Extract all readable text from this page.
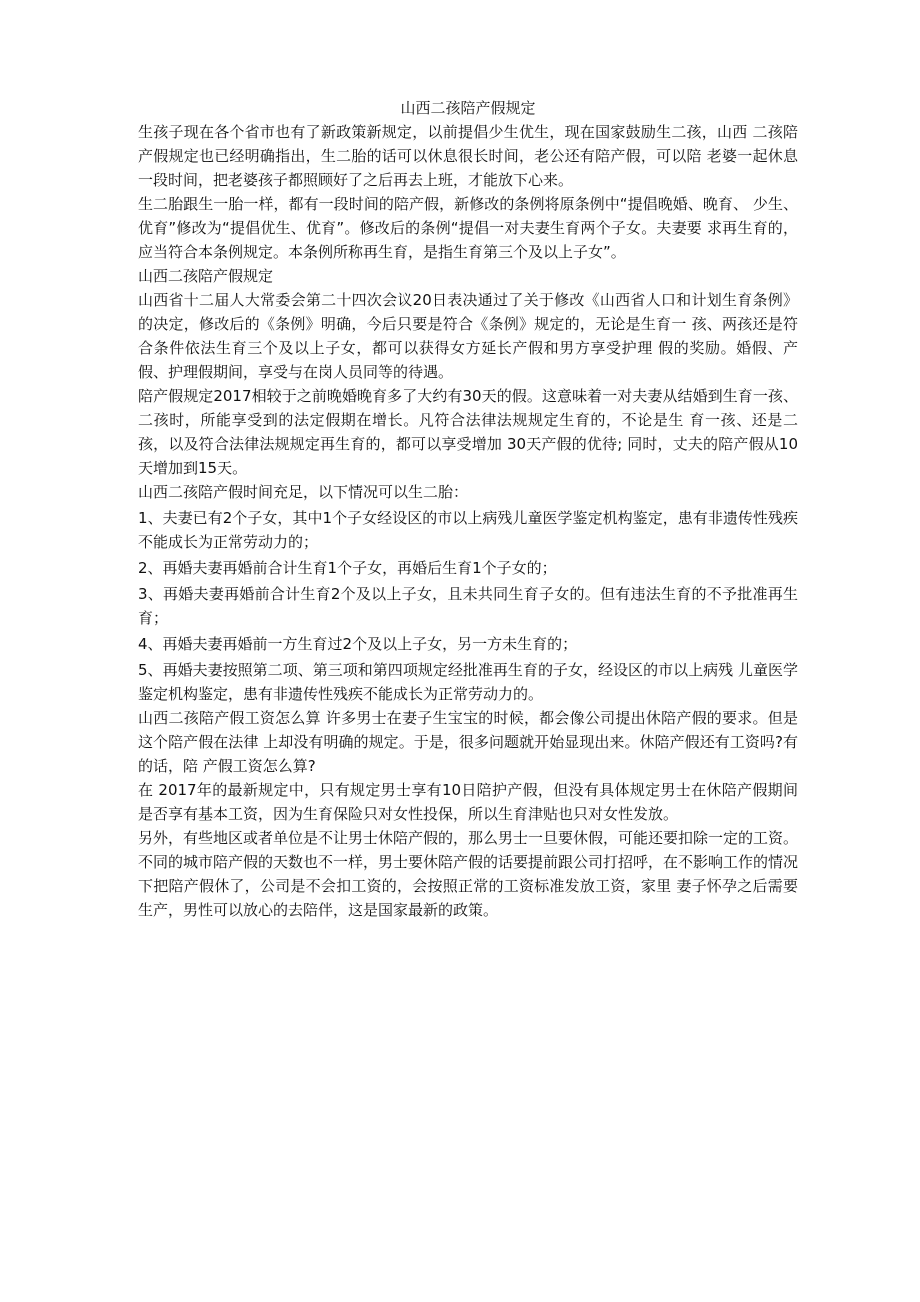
山西二孩陪产假规定

生孩子现在各个省市也有了新政策新规定，以前提倡少生优生，现在国家鼓励生二孩，山西 二孩陪产假规定也已经明确指出，生二胎的话可以休息很长时间，老公还有陪产假，可以陪 老婆一起休息一段时间，把老婆孩子都照顾好了之后再去上班，才能放下心来。

生二胎跟生一胎一样，都有一段时间的陪产假，新修改的条例将原条例中“提倡晚婚、晚育、 少生、优育”修改为“提倡优生、优育”。修改后的条例“提倡一对夫妻生育两个子女。夫妻要 求再生育的，应当符合本条例规定。本条例所称再生育，是指生育第三个及以上子女”。

山西二孩陪产假规定

山西省十二届人大常委会第二十四次会议20日表决通过了关于修改《山西省人口和计划生育条例》的决定，修改后的《条例》明确，今后只要是符合《条例》规定的，无论是生育一 孩、两孩还是符合条件依法生育三个及以上子女，都可以获得女方延长产假和男方享受护理 假的奖励。婚假、产假、护理假期间，享受与在岗人员同等的待遇。

陪产假规定2017相较于之前晚婚晚育多了大约有30天的假。这意味着一对夫妻从结婚到生育一孩、二孩时，所能享受到的法定假期在增长。凡符合法律法规规定生育的，不论是生 育一孩、还是二孩，以及符合法律法规规定再生育的，都可以享受增加 30天产假的优待; 同时，丈夫的陪产假从10天增加到15天。

山西二孩陪产假时间充足，以下情况可以生二胎：

1、夫妻已有2个子女，其中1个子女经设区的市以上病残儿童医学鉴定机构鉴定，患有非遗传性残疾不能成长为正常劳动力的；

2、再婚夫妻再婚前合计生育1个子女，再婚后生育1个子女的；

3、再婚夫妻再婚前合计生育2个及以上子女，且未共同生育子女的。但有违法生育的不予批准再生育；

4、再婚夫妻再婚前一方生育过2个及以上子女，另一方未生育的；

5、再婚夫妻按照第二项、第三项和第四项规定经批准再生育的子女，经设区的市以上病残 儿童医学鉴定机构鉴定，患有非遗传性残疾不能成长为正常劳动力的。

山西二孩陪产假工资怎么算 许多男士在妻子生宝宝的时候，都会像公司提出休陪产假的要求。但是这个陪产假在法律 上却没有明确的规定。于是，很多问题就开始显现出来。休陪产假还有工资吗?有的话，陪 产假工资怎么算?

在 2017年的最新规定中，只有规定男士享有10日陪护产假，但没有具体规定男士在休陪产假期间是否享有基本工资，因为生育保险只对女性投保，所以生育津贴也只对女性发放。

另外，有些地区或者单位是不让男士休陪产假的，那么男士一旦要休假，可能还要扣除一定的工资。

不同的城市陪产假的天数也不一样，男士要休陪产假的话要提前跟公司打招呼，在不影响工作的情况下把陪产假休了，公司是不会扣工资的，会按照正常的工资标准发放工资，家里 妻子怀孕之后需要生产，男性可以放心的去陪伴，这是国家最新的政策。
